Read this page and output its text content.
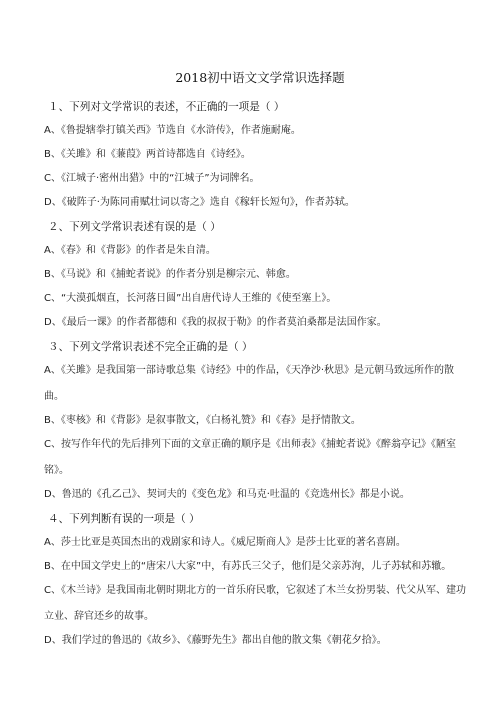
2018初中语文文学常识选择题
１、下列对文学常识的表述，不正确的一项是（ ）
A、《鲁提辖拳打镇关西》节选自《水浒传》，作者施耐庵。
B、《关雎》和《蒹葭》两首诗都选自《诗经》。
C、《江城子·密州出猎》中的“江城子”为词牌名。
D、《破阵子·为陈同甫赋壮词以寄之》选自《稼轩长短句》，作者苏轼。
２、下列文学常识表述有误的是（ ）
A、《春》和《背影》的作者是朱自清。
B、《马说》和《捕蛇者说》的作者分别是柳宗元、韩愈。
C、“大漠孤烟直，长河落日圆”出自唐代诗人王维的《使至塞上》。
D、《最后一课》的作者都德和《我的叔叔于勒》的作者莫泊桑都是法国作家。
３、下列文学常识表述不完全正确的是（ ）
A、《关雎》是我国第一部诗歌总集《诗经》中的作品，《天净沙·秋思》是元朝马致远所作的散曲。
B、《枣核》和《背影》是叙事散文，《白杨礼赞》和《春》是抒情散文。
C、按写作年代的先后排列下面的文章正确的顺序是《出师表》《捕蛇者说》《醉翁亭记》《陋室铭》。
D、鲁迅的《孔乙己》、契诃夫的《变色龙》和马克·吐温的《竞选州长》都是小说。
４、下列判断有误的一项是（ ）
A、莎士比亚是英国杰出的戏剧家和诗人。《威尼斯商人》是莎士比亚的著名喜剧。
B、在中国文学史上的“唐宋八大家”中，有苏氏三父子，他们是父亲苏洵，儿子苏轼和苏辙。
C、《木兰诗》是我国南北朝时期北方的一首乐府民歌，它叙述了木兰女扮男装、代父从军、建功立业、辞官还乡的故事。
D、我们学过的鲁迅的《故乡》、《藤野先生》都出自他的散文集《朝花夕拾》。
